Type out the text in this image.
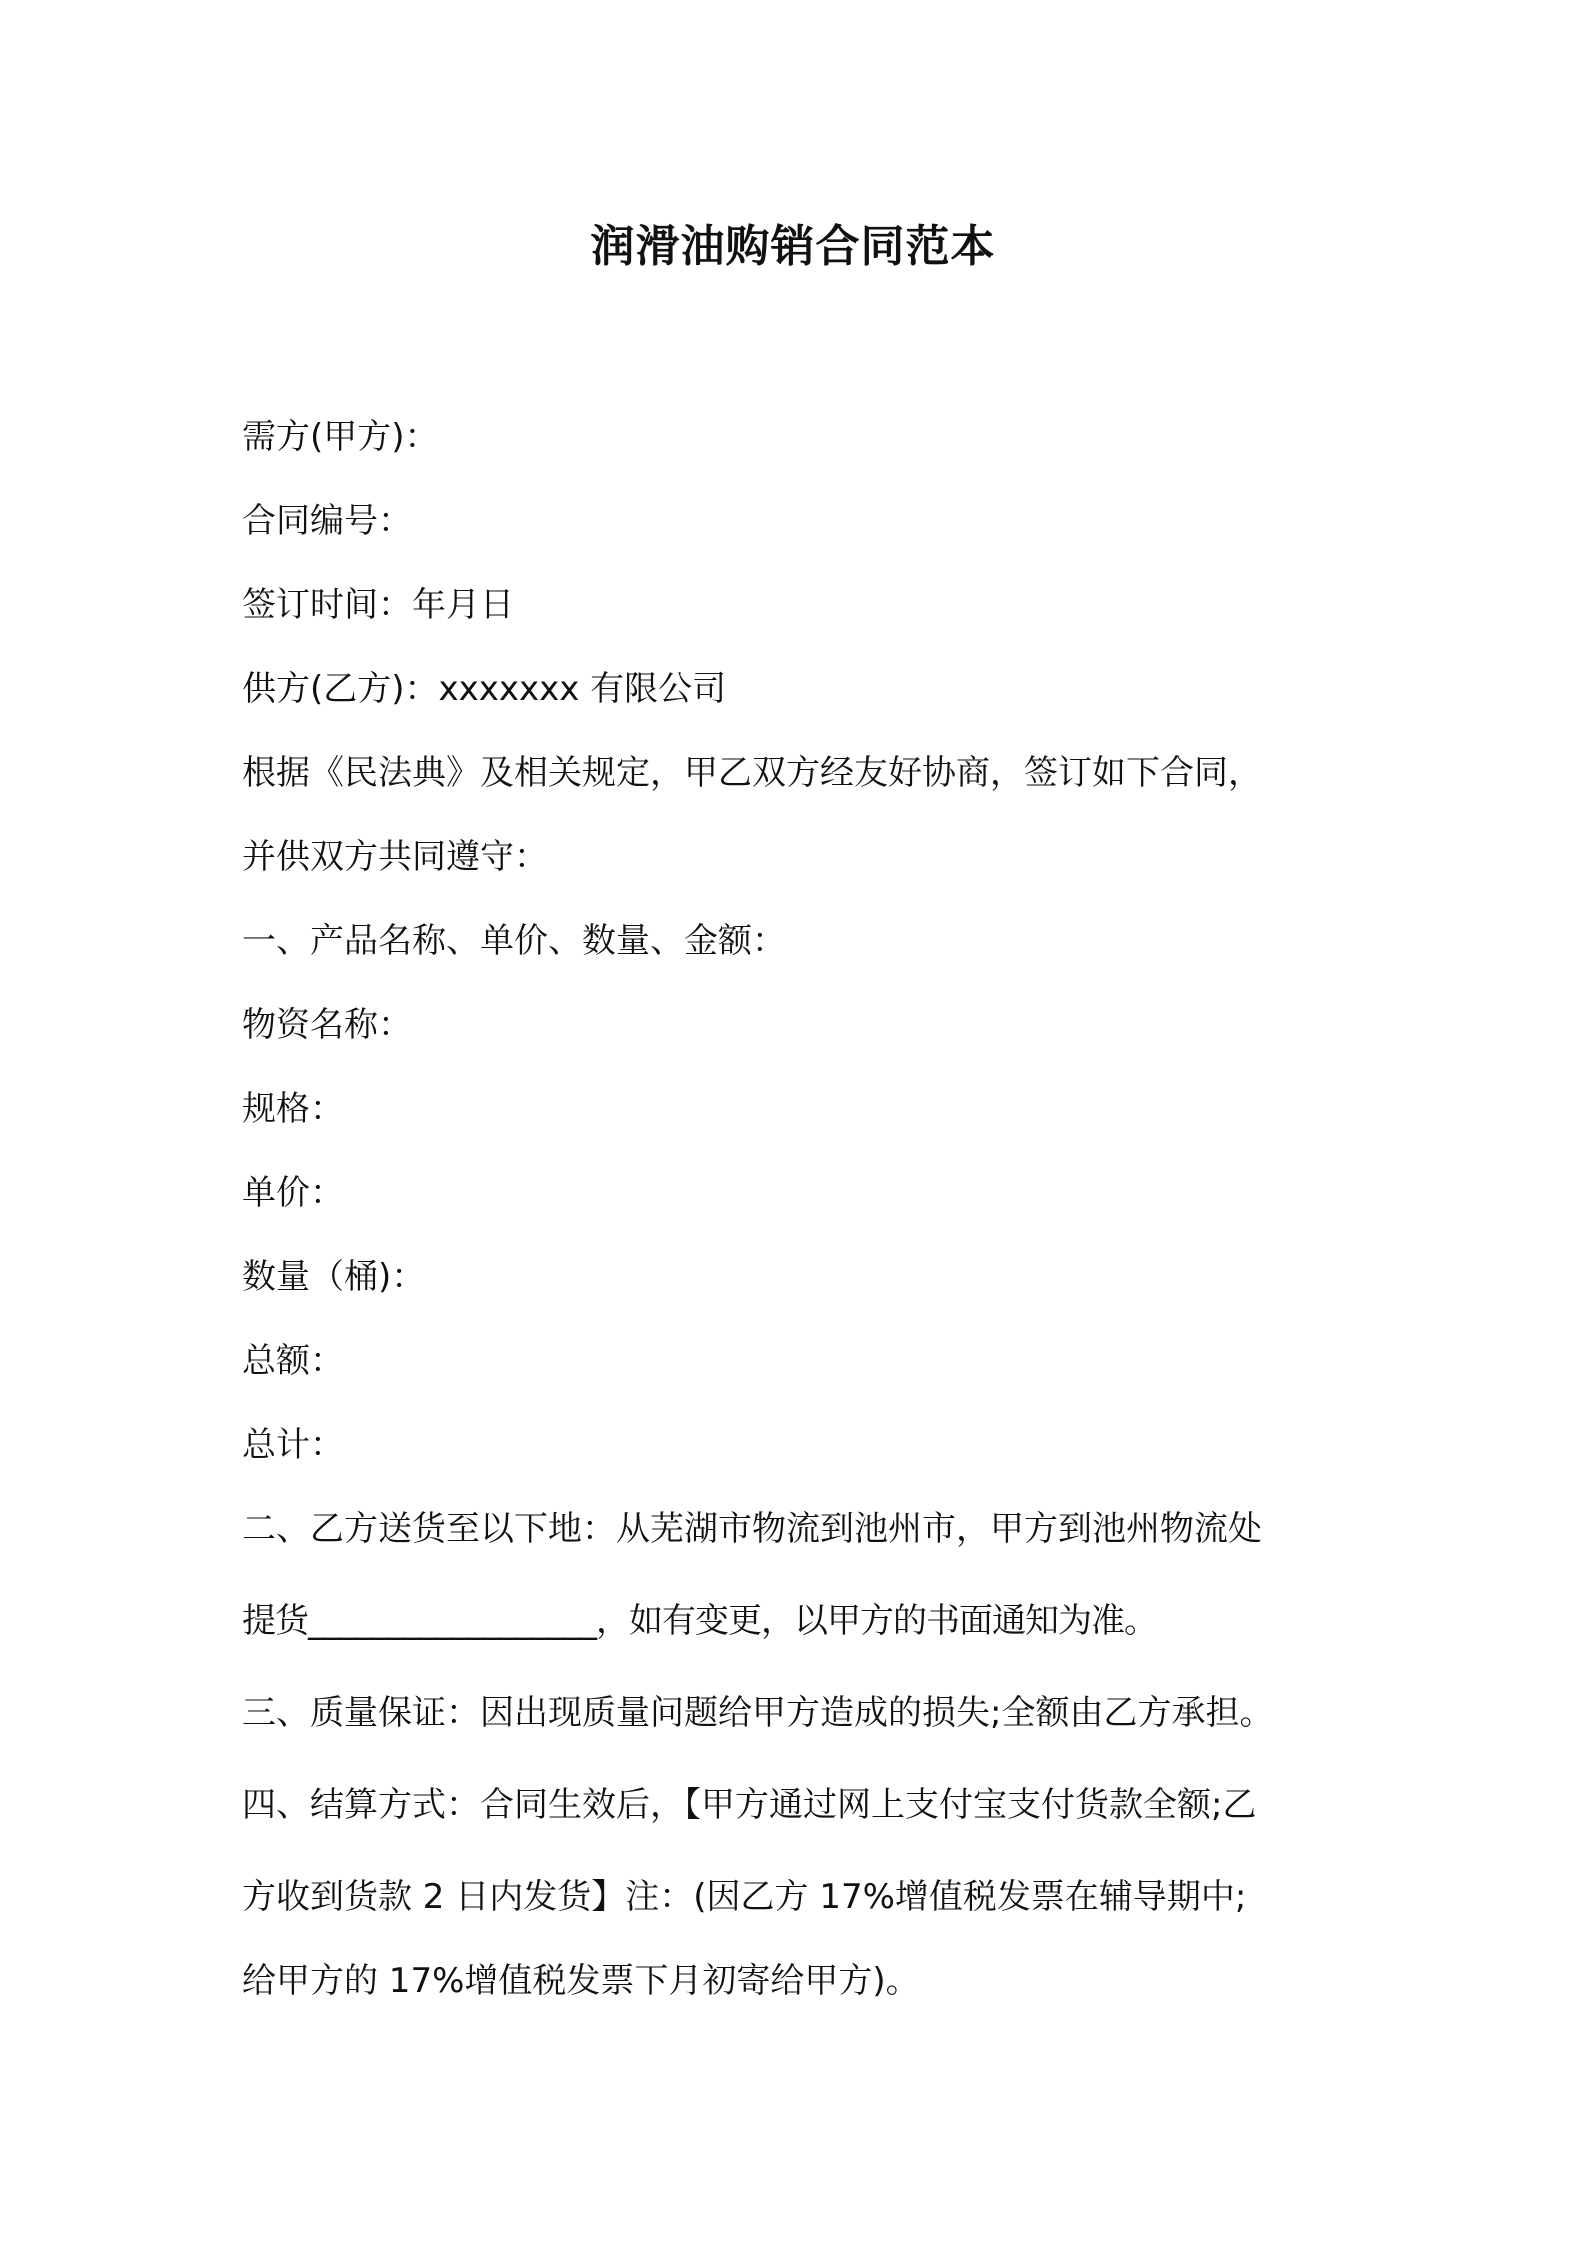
润滑油购销合同范本
需方(甲方)：
合同编号：
签订时间：年月日
供方(乙方)：xxxxxxx 有限公司
根据《民法典》及相关规定，甲乙双方经友好协商，签订如下合同，
并供双方共同遵守：
一、产品名称、单价、数量、金额：
物资名称：
规格：
单价：
数量（桶)：
总额：
总计：
二、乙方送货至以下地：从芜湖市物流到池州市，甲方到池州物流处
提货__________________，如有变更，以甲方的书面通知为准。
三、质量保证：因出现质量问题给甲方造成的损失;全额由乙方承担。
四、结算方式：合同生效后，【甲方通过网上支付宝支付货款全额;乙
方收到货款 2 日内发货】注：(因乙方 17%增值税发票在辅导期中;
给甲方的 17%增值税发票下月初寄给甲方)。
